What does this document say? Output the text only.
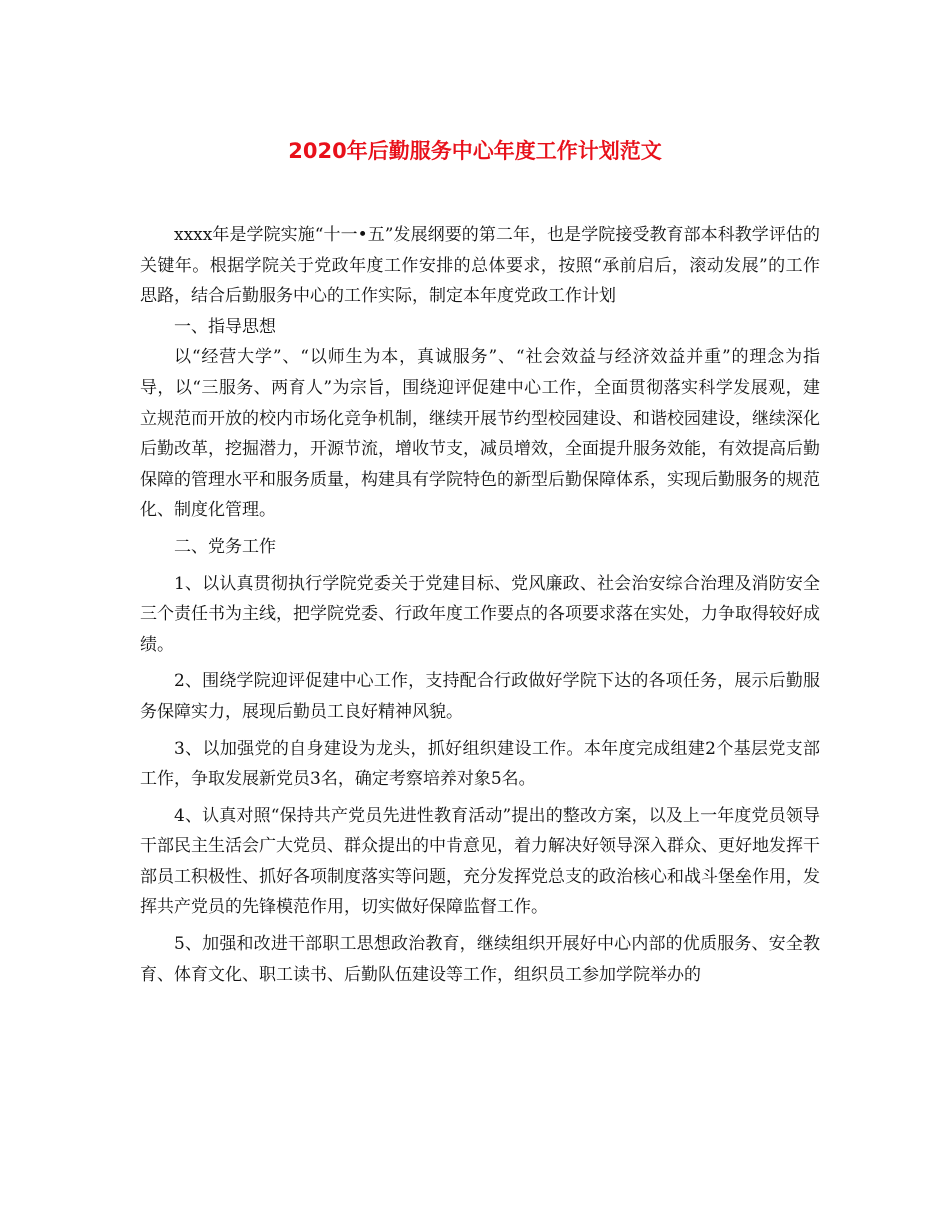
2020年后勤服务中心年度工作计划范文

xxxx年是学院实施“十一•五”发展纲要的第二年，也是学院接受教育部本科教学评估的关键年。根据学院关于党政年度工作安排的总体要求，按照“承前启后，滚动发展”的工作思路，结合后勤服务中心的工作实际，制定本年度党政工作计划

一、指导思想

以“经营大学”、“以师生为本，真诚服务”、“社会效益与经济效益并重”的理念为指导，以“三服务、两育人”为宗旨，围绕迎评促建中心工作，全面贯彻落实科学发展观，建立规范而开放的校内市场化竞争机制，继续开展节约型校园建设、和谐校园建设，继续深化后勤改革，挖掘潜力，开源节流，增收节支，减员增效，全面提升服务效能，有效提高后勤保障的管理水平和服务质量，构建具有学院特色的新型后勤保障体系，实现后勤服务的规范化、制度化管理。

二、党务工作

1、以认真贯彻执行学院党委关于党建目标、党风廉政、社会治安综合治理及消防安全三个责任书为主线，把学院党委、行政年度工作要点的各项要求落在实处，力争取得较好成绩。

2、围绕学院迎评促建中心工作，支持配合行政做好学院下达的各项任务，展示后勤服务保障实力，展现后勤员工良好精神风貌。

3、以加强党的自身建设为龙头，抓好组织建设工作。本年度完成组建2个基层党支部工作，争取发展新党员3名，确定考察培养对象5名。

4、认真对照“保持共产党员先进性教育活动”提出的整改方案，以及上一年度党员领导干部民主生活会广大党员、群众提出的中肯意见，着力解决好领导深入群众、更好地发挥干部员工积极性、抓好各项制度落实等问题，充分发挥党总支的政治核心和战斗堡垒作用，发挥共产党员的先锋模范作用，切实做好保障监督工作。

5、加强和改进干部职工思想政治教育，继续组织开展好中心内部的优质服务、安全教育、体育文化、职工读书、后勤队伍建设等工作，组织员工参加学院举办的
